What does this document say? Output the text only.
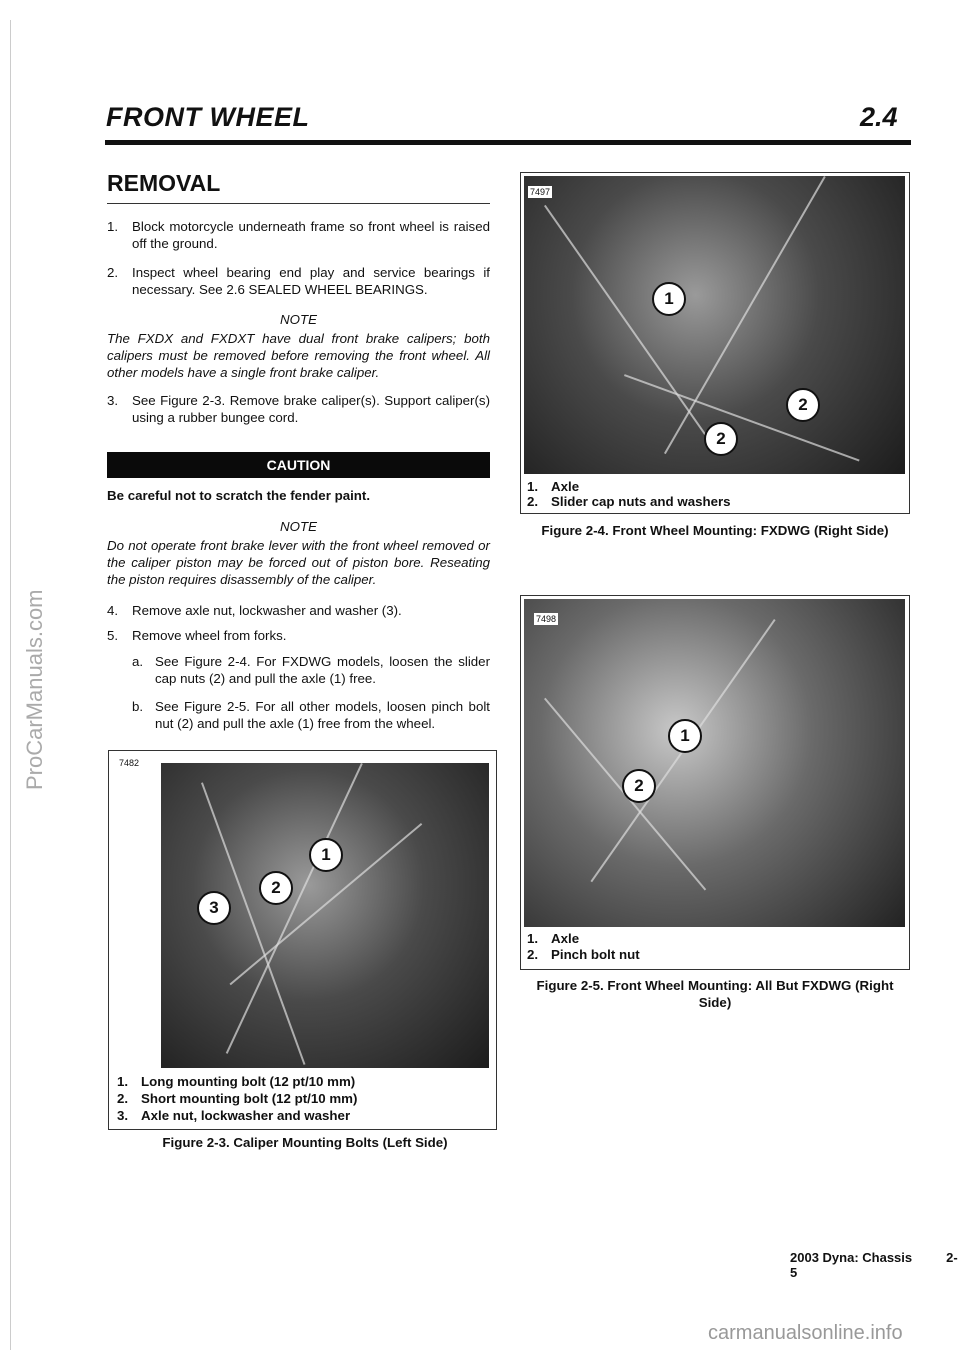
FRONT WHEEL	2.4
REMOVAL
1. Block motorcycle underneath frame so front wheel is raised off the ground.
2. Inspect wheel bearing end play and service bearings if necessary. See 2.6 SEALED WHEEL BEARINGS.
NOTE
The FXDX and FXDXT have dual front brake calipers; both calipers must be removed before removing the front wheel. All other models have a single front brake caliper.
3. See Figure 2-3. Remove brake caliper(s). Support caliper(s) using a rubber bungee cord.
CAUTION
Be careful not to scratch the fender paint.
NOTE
Do not operate front brake lever with the front wheel removed or the caliper piston may be forced out of piston bore. Reseating the piston requires disassembly of the caliper.
4. Remove axle nut, lockwasher and washer (3).
5. Remove wheel from forks.
a. See Figure 2-4. For FXDWG models, loosen the slider cap nuts (2) and pull the axle (1) free.
b. See Figure 2-5. For all other models, loosen pinch bolt nut (2) and pull the axle (1) free from the wheel.
7482
1
2
3
1. Long mounting bolt (12 pt/10 mm)
2. Short mounting bolt (12 pt/10 mm)
3. Axle nut, lockwasher and washer
Figure 2-3. Caliper Mounting Bolts (Left Side)
7497
1
2
2
1. Axle
2. Slider cap nuts and washers
Figure 2-4. Front Wheel Mounting: FXDWG (Right Side)
7498
1
2
1. Axle
2. Pinch bolt nut
Figure 2-5. Front Wheel Mounting: All But FXDWG (Right Side)
2003 Dyna: Chassis	2-5
ProCarManuals.com
carmanualsonline.info
